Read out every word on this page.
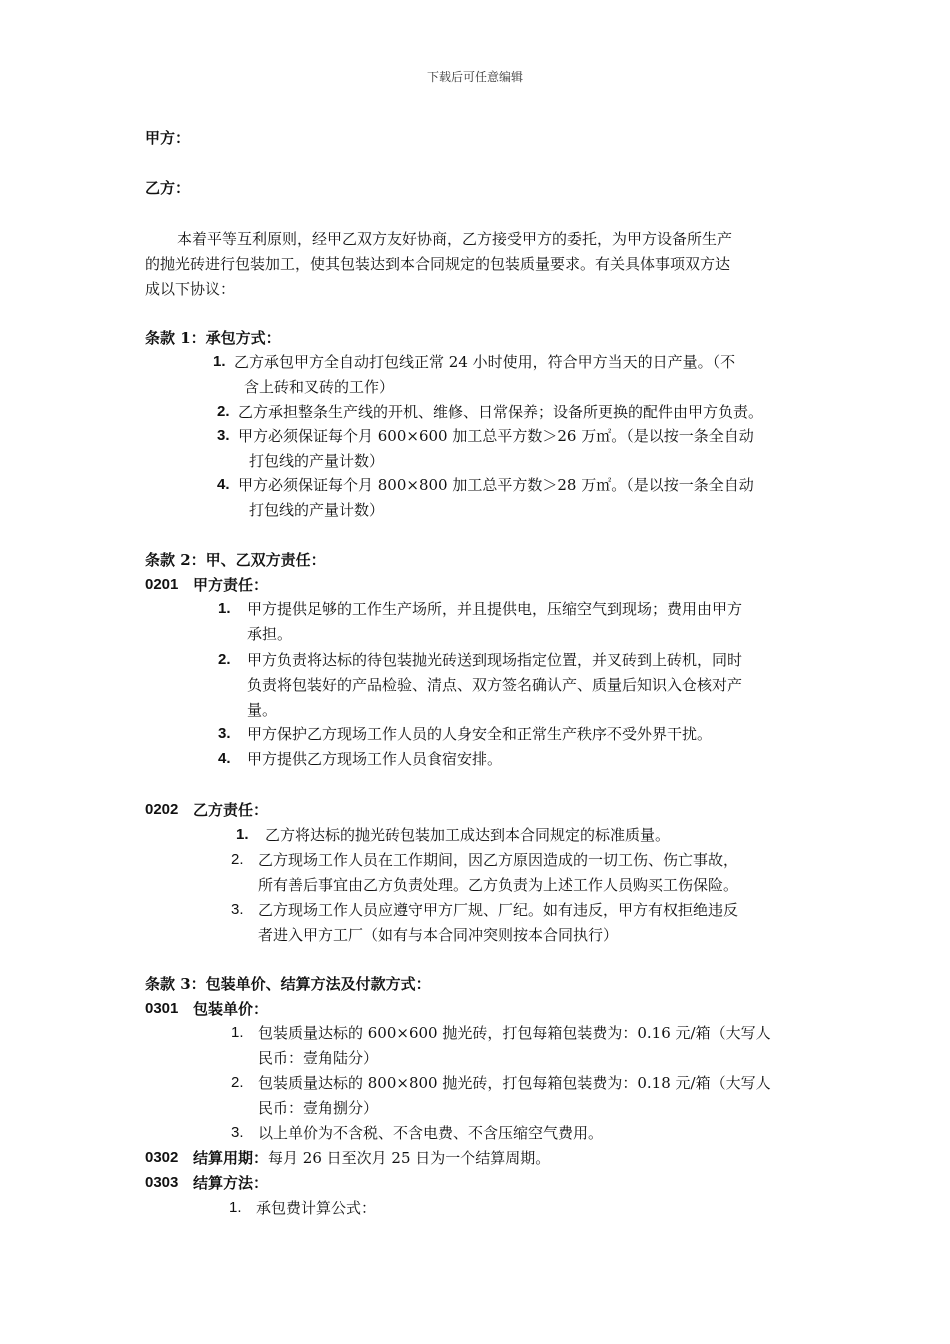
下载后可任意编辑
甲方：
乙方：
本着平等互利原则，经甲乙双方友好协商，乙方接受甲方的委托，为甲方设备所生产
的抛光砖进行包装加工，使其包装达到本合同规定的包装质量要求。有关具体事项双方达
成以下协议：
条款 1：承包方式：
1. 乙方承包甲方全自动打包线正常 24 小时使用，符合甲方当天的日产量。（不
含上砖和叉砖的工作）
2. 乙方承担整条生产线的开机、维修、日常保养；设备所更换的配件由甲方负责。
3. 甲方必须保证每个月 600×600 加工总平方数＞26 万㎡。（是以按一条全自动
打包线的产量计数）
4. 甲方必须保证每个月 800×800 加工总平方数＞28 万㎡。（是以按一条全自动
打包线的产量计数）
条款 2：甲、乙双方责任：
0201 甲方责任：
1. 甲方提供足够的工作生产场所，并且提供电，压缩空气到现场；费用由甲方
承担。
2. 甲方负责将达标的待包装抛光砖送到现场指定位置，并叉砖到上砖机，同时
负责将包装好的产品检验、清点、双方签名确认产、质量后知识入仓核对产
量。
3. 甲方保护乙方现场工作人员的人身安全和正常生产秩序不受外界干扰。
4. 甲方提供乙方现场工作人员食宿安排。
0202 乙方责任：
1. 乙方将达标的抛光砖包装加工成达到本合同规定的标准质量。
2. 乙方现场工作人员在工作期间，因乙方原因造成的一切工伤、伤亡事故，
所有善后事宜由乙方负责处理。乙方负责为上述工作人员购买工伤保险。
3. 乙方现场工作人员应遵守甲方厂规、厂纪。如有违反，甲方有权拒绝违反
者进入甲方工厂（如有与本合同冲突则按本合同执行）
条款 3：包装单价、结算方法及付款方式：
0301 包装单价：
1. 包装质量达标的 600×600 抛光砖，打包每箱包装费为：0.16 元/箱（大写人
民币：壹角陆分）
2. 包装质量达标的 800×800 抛光砖，打包每箱包装费为：0.18 元/箱（大写人
民币：壹角捌分）
3. 以上单价为不含税、不含电费、不含压缩空气费用。
0302 结算用期：每月 26 日至次月 25 日为一个结算周期。
0303 结算方法：
1. 承包费计算公式：
